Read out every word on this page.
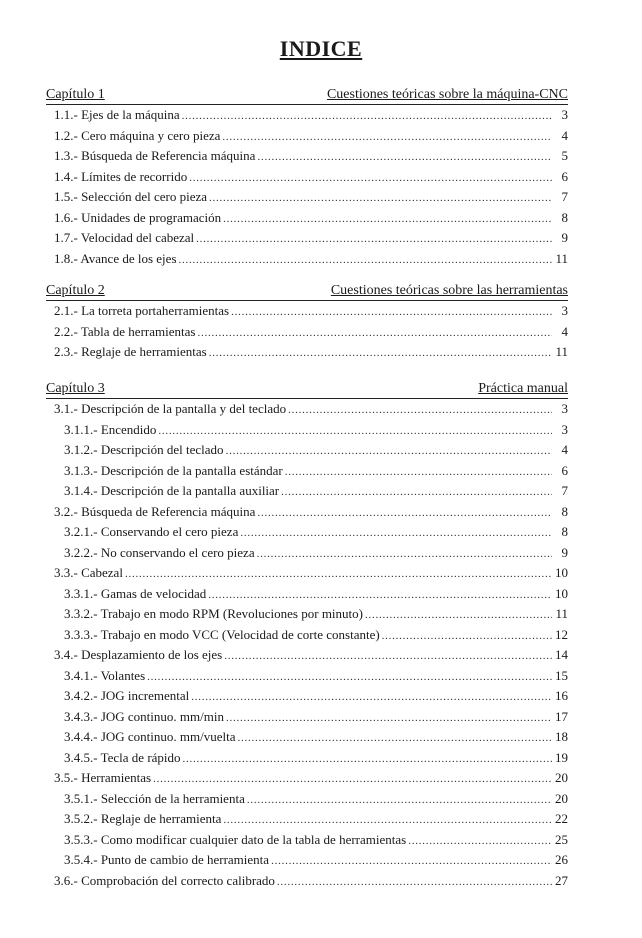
INDICE
Capítulo 1	Cuestiones teóricas sobre la máquina-CNC
1.1.- Ejes de la máquina . . .	3
1.2.- Cero máquina y cero pieza . . .	4
1.3.- Búsqueda de Referencia máquina . . .	5
1.4.- Límites de recorrido . . .	6
1.5.- Selección del cero pieza . . .	7
1.6.- Unidades de programación . . .	8
1.7.- Velocidad del cabezal . . .	9
1.8.- Avance de los ejes . . .	11
Capítulo 2	Cuestiones teóricas sobre las herramientas
2.1.- La torreta portaherramientas . . .	3
2.2.- Tabla de herramientas . . .	4
2.3.- Reglaje de herramientas . . .	11
Capítulo 3	Práctica manual
3.1.- Descripción de la pantalla y del teclado . . .	3
3.1.1.- Encendido . . .	3
3.1.2.- Descripción del teclado . . .	4
3.1.3.- Descripción de la pantalla estándar . . .	6
3.1.4.- Descripción de la pantalla auxiliar . . .	7
3.2.- Búsqueda de Referencia máquina . . .	8
3.2.1.- Conservando el cero pieza . . .	8
3.2.2.- No conservando el cero pieza . . .	9
3.3.- Cabezal . . .	10
3.3.1.- Gamas de velocidad . . .	10
3.3.2.- Trabajo en modo RPM (Revoluciones por minuto) . . .	11
3.3.3.- Trabajo en modo VCC (Velocidad de corte constante) . . .	12
3.4.- Desplazamiento de los ejes . . .	14
3.4.1.- Volantes . . .	15
3.4.2.- JOG incremental . . .	16
3.4.3.- JOG continuo. mm/min . . .	17
3.4.4.- JOG continuo. mm/vuelta . . .	18
3.4.5.- Tecla de rápido . . .	19
3.5.- Herramientas . . .	20
3.5.1.- Selección de la herramienta . . .	20
3.5.2.- Reglaje de herramienta . . .	22
3.5.3.- Como modificar cualquier dato de la tabla de herramientas . . .	25
3.5.4.- Punto de cambio de herramienta . . .	26
3.6.- Comprobación del correcto calibrado . . .	27
